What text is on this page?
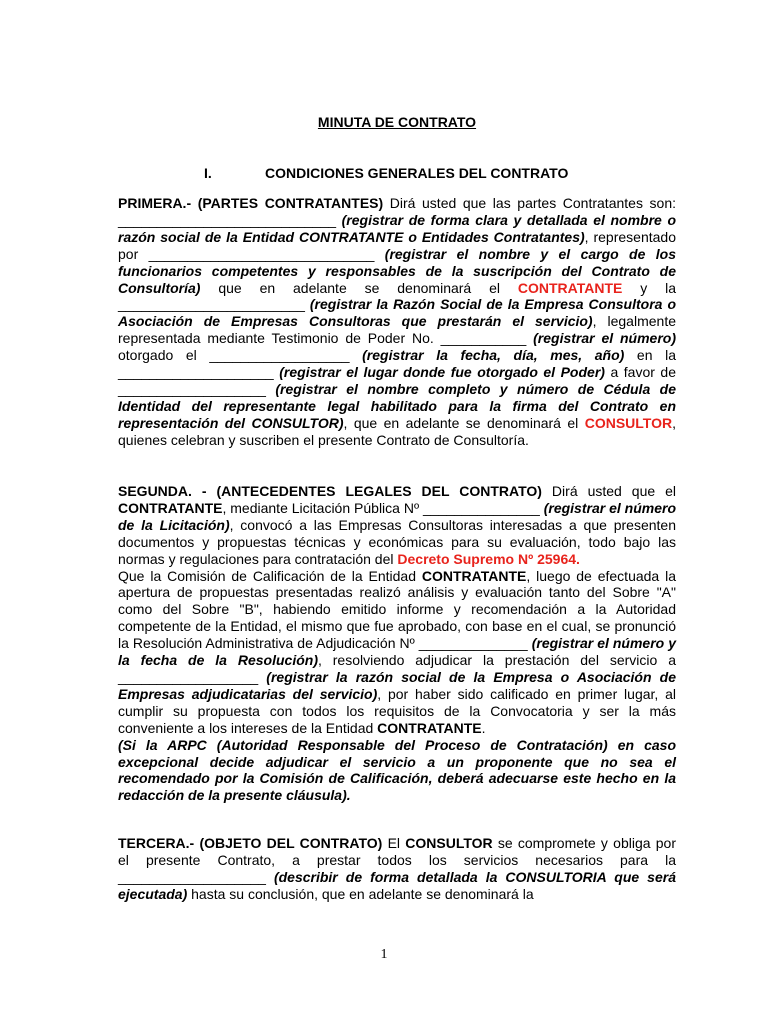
MINUTA DE CONTRATO
I.	CONDICIONES GENERALES DEL CONTRATO
PRIMERA.- (PARTES CONTRATANTES) Dirá usted que las partes Contratantes son: ____________________________ (registrar de forma clara y detallada el nombre o razón social de la Entidad CONTRATANTE o Entidades Contratantes), representado por _____________________________ (registrar el nombre y el cargo de los funcionarios competentes y responsables de la suscripción del Contrato de Consultoría) que en adelante se denominará el CONTRATANTE y la ________________________ (registrar la Razón Social de la Empresa Consultora o Asociación de Empresas Consultoras que prestarán el servicio), legalmente representada mediante Testimonio de Poder No. ___________ (registrar el número) otorgado el __________________ (registrar la fecha, día, mes, año) en la ____________________ (registrar el lugar donde fue otorgado el Poder) a favor de ___________________ (registrar el nombre completo y número de Cédula de Identidad del representante legal habilitado para la firma del Contrato en representación del CONSULTOR), que en adelante se denominará el CONSULTOR, quienes celebran y suscriben el presente Contrato de Consultoría.
SEGUNDA. - (ANTECEDENTES LEGALES DEL CONTRATO) Dirá usted que el CONTRATANTE, mediante Licitación Pública Nº _______________ (registrar el número de la Licitación), convocó a las Empresas Consultoras interesadas a que presenten documentos y propuestas técnicas y económicas para su evaluación, todo bajo las normas y regulaciones para contratación del Decreto Supremo Nº 25964.
Que la Comisión de Calificación de la Entidad CONTRATANTE, luego de efectuada la apertura de propuestas presentadas realizó análisis y evaluación tanto del Sobre "A" como del Sobre "B", habiendo emitido informe y recomendación a la Autoridad competente de la Entidad, el mismo que fue aprobado, con base en el cual, se pronunció la Resolución Administrativa de Adjudicación Nº ______________ (registrar el número y la fecha de la Resolución), resolviendo adjudicar la prestación del servicio a __________________ (registrar la razón social de la Empresa o Asociación de Empresas adjudicatarias del servicio), por haber sido calificado en primer lugar, al cumplir su propuesta con todos los requisitos de la Convocatoria y ser la más conveniente a los intereses de la Entidad CONTRATANTE.
(Si la ARPC (Autoridad Responsable del Proceso de Contratación) en caso excepcional decide adjudicar el servicio a un proponente que no sea el recomendado por la Comisión de Calificación, deberá adecuarse este hecho en la redacción de la presente cláusula).
TERCERA.- (OBJETO DEL CONTRATO) El CONSULTOR se compromete y obliga por el presente Contrato, a prestar todos los servicios necesarios para la ___________________ (describir de forma detallada la CONSULTORIA que será ejecutada) hasta su conclusión, que en adelante se denominará la
1
